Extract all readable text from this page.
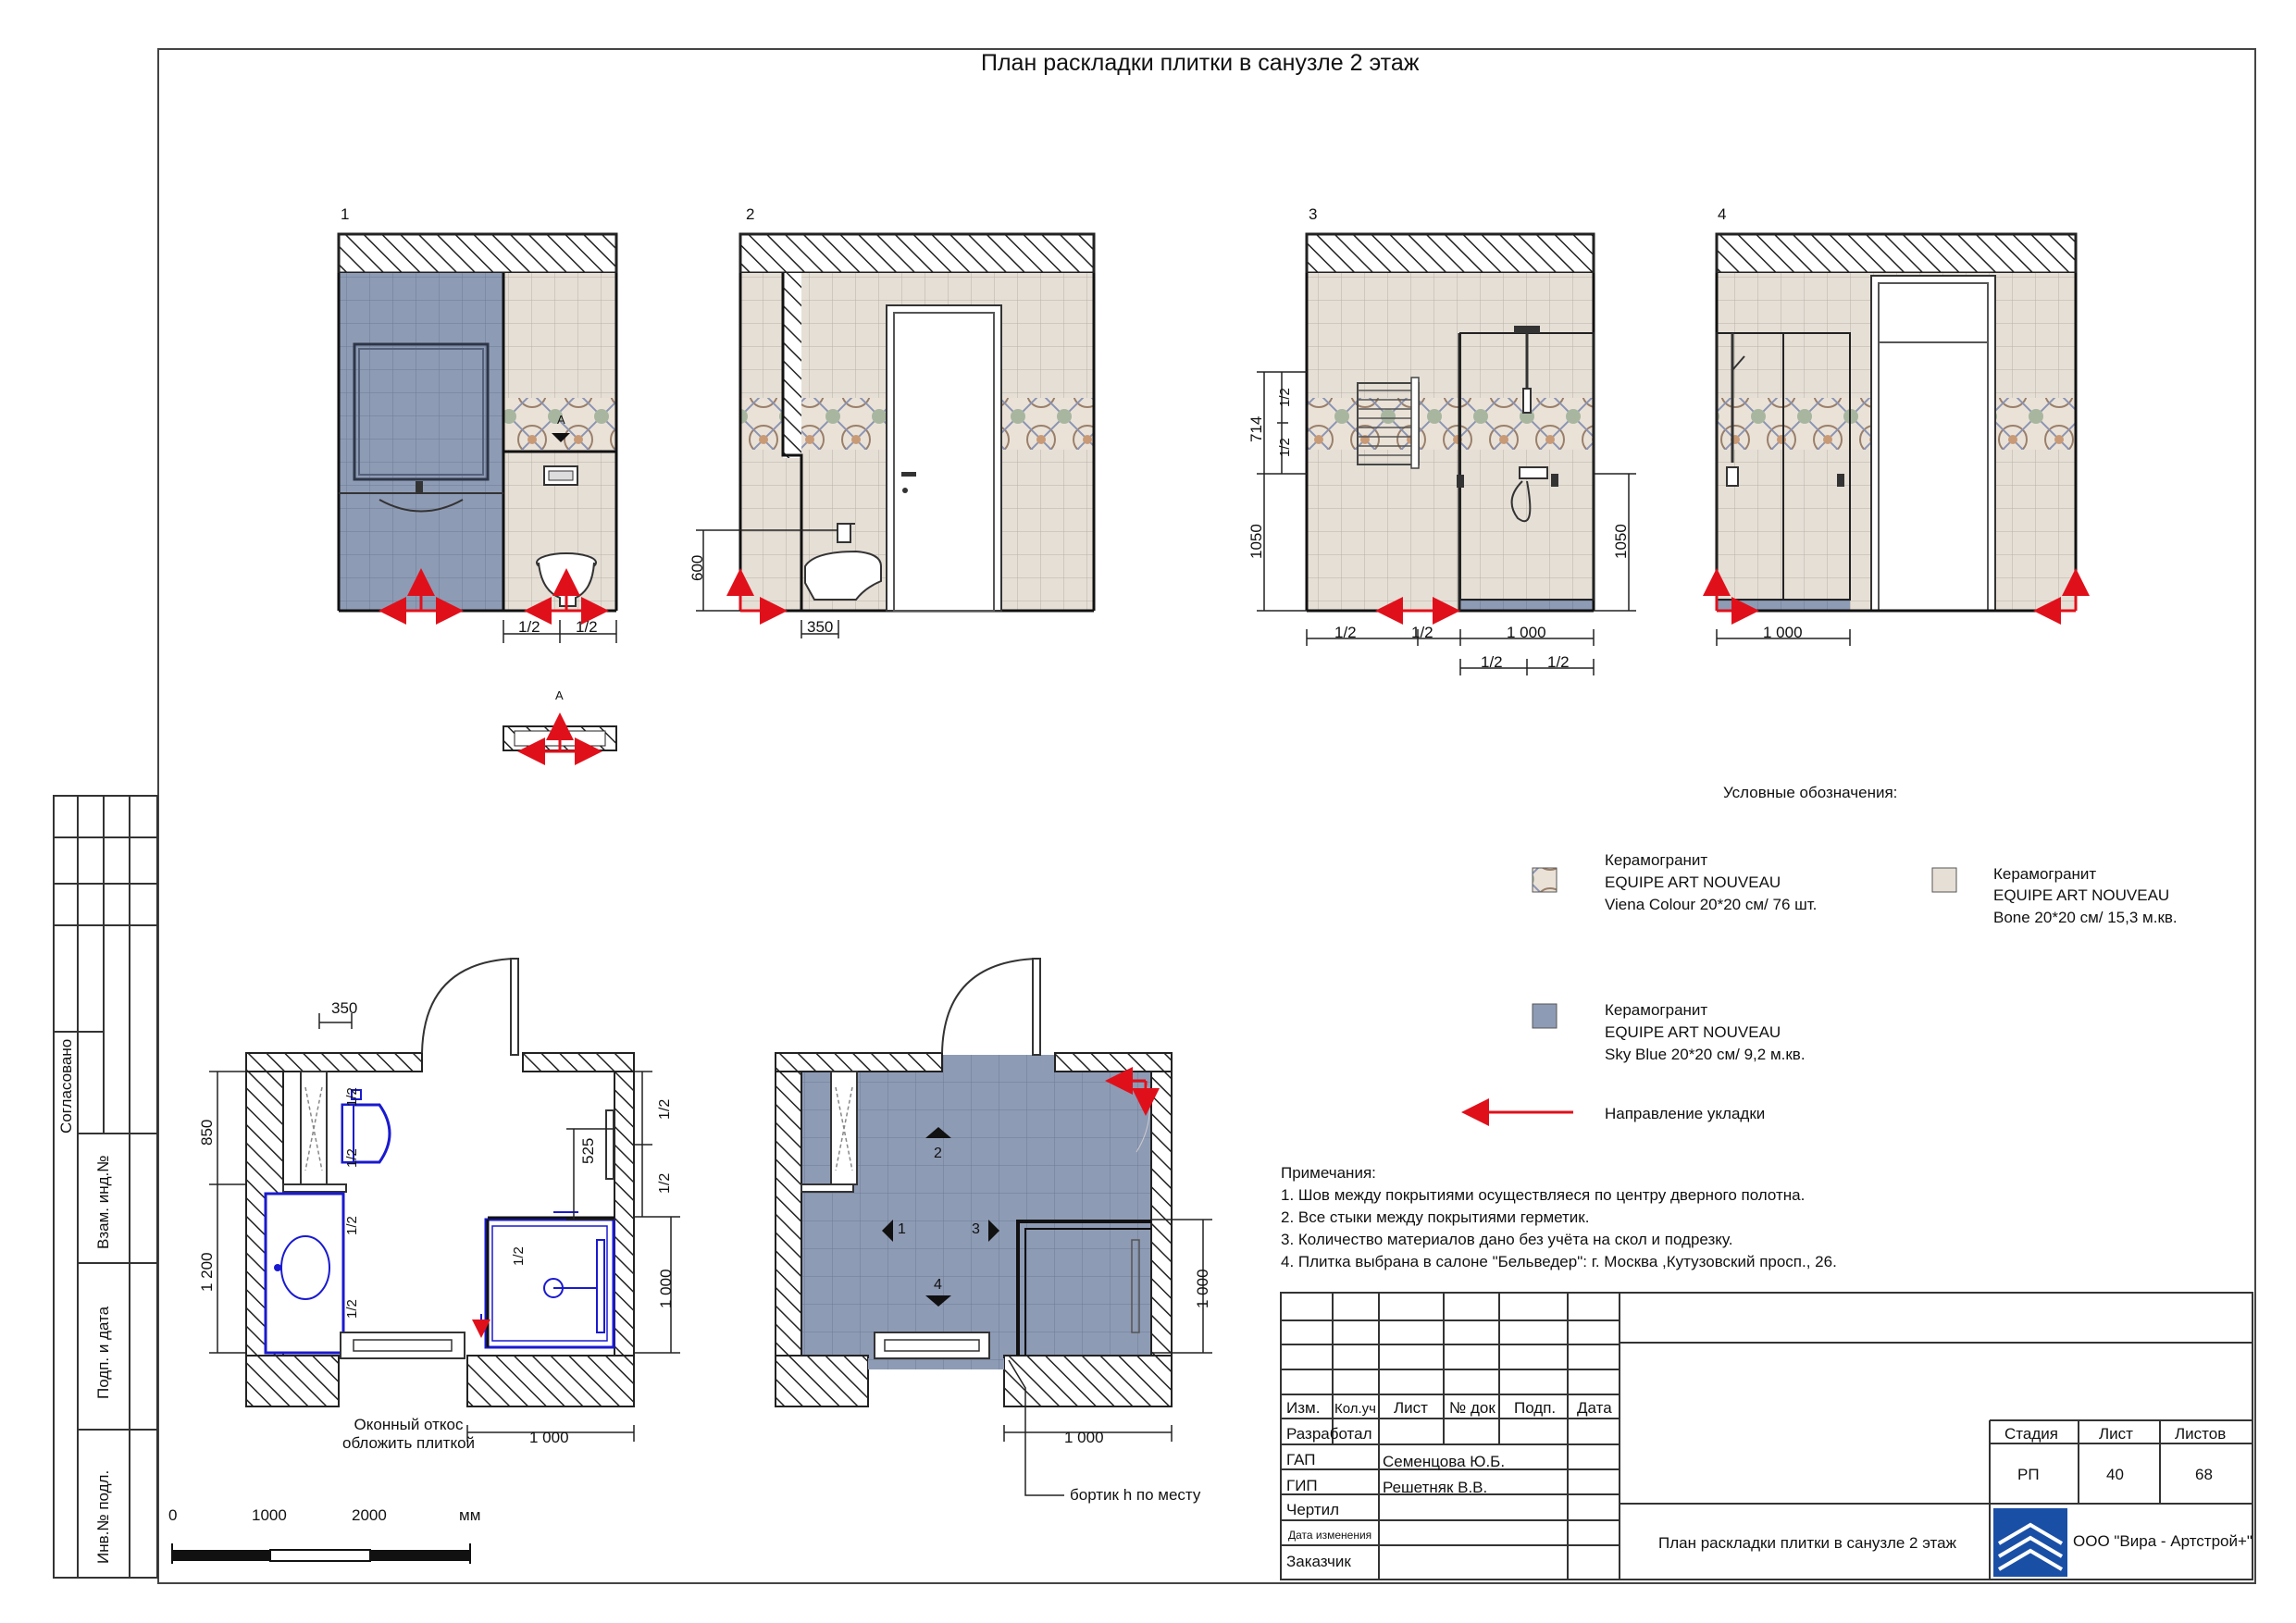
План раскладки плитки в санузле 2 этаж
1	2	3	4
1/2 1/2
A
A
600
350
714
1/2
1/2
1050	1050
1/2	1/2	1 000
1/2	1/2
1 000
350
850
1 200
525
1/2
1/2
1 000
1 000
1/2
1/2
1/2
1/2
1/2
Оконный откос
обложить плиткой
2
1	3
4	1 000
1 000
бортик h по месту
0	1000	2000	мм
Условные обозначения:
Керамогранит
EQUIPE ART NOUVEAU
Viena Colour 20*20 см/ 76 шт.
Керамогранит
EQUIPE ART NOUVEAU
Bone 20*20 см/ 15,3 м.кв.
Керамогранит
EQUIPE ART NOUVEAU
Sky Blue 20*20 см/ 9,2 м.кв.
Направление укладки
Примечания:
1. Шов между покрытиями осуществляеся по центру дверного полотна.
2. Все стыки между покрытиями герметик.
3. Количество материалов дано без учёта на скол и подрезку.
4. Плитка выбрана в салоне "Бельведер": г. Москва ,Кутузовский просп., 26.
Согласовано
Взам. инд.№
Подп. и дата
Инв.№ подл.
Изм. Кол.уч Лист № док Подп. Дата
Разработал
ГАП	Семенцова Ю.Б.
ГИП	Решетняк В.В.
Чертил
Дата изменения
Заказчик
Стадия	Лист	Листов
РП	40	68
План раскладки плитки в санузле 2 этаж	ООО "Вира - Артстрой+"
